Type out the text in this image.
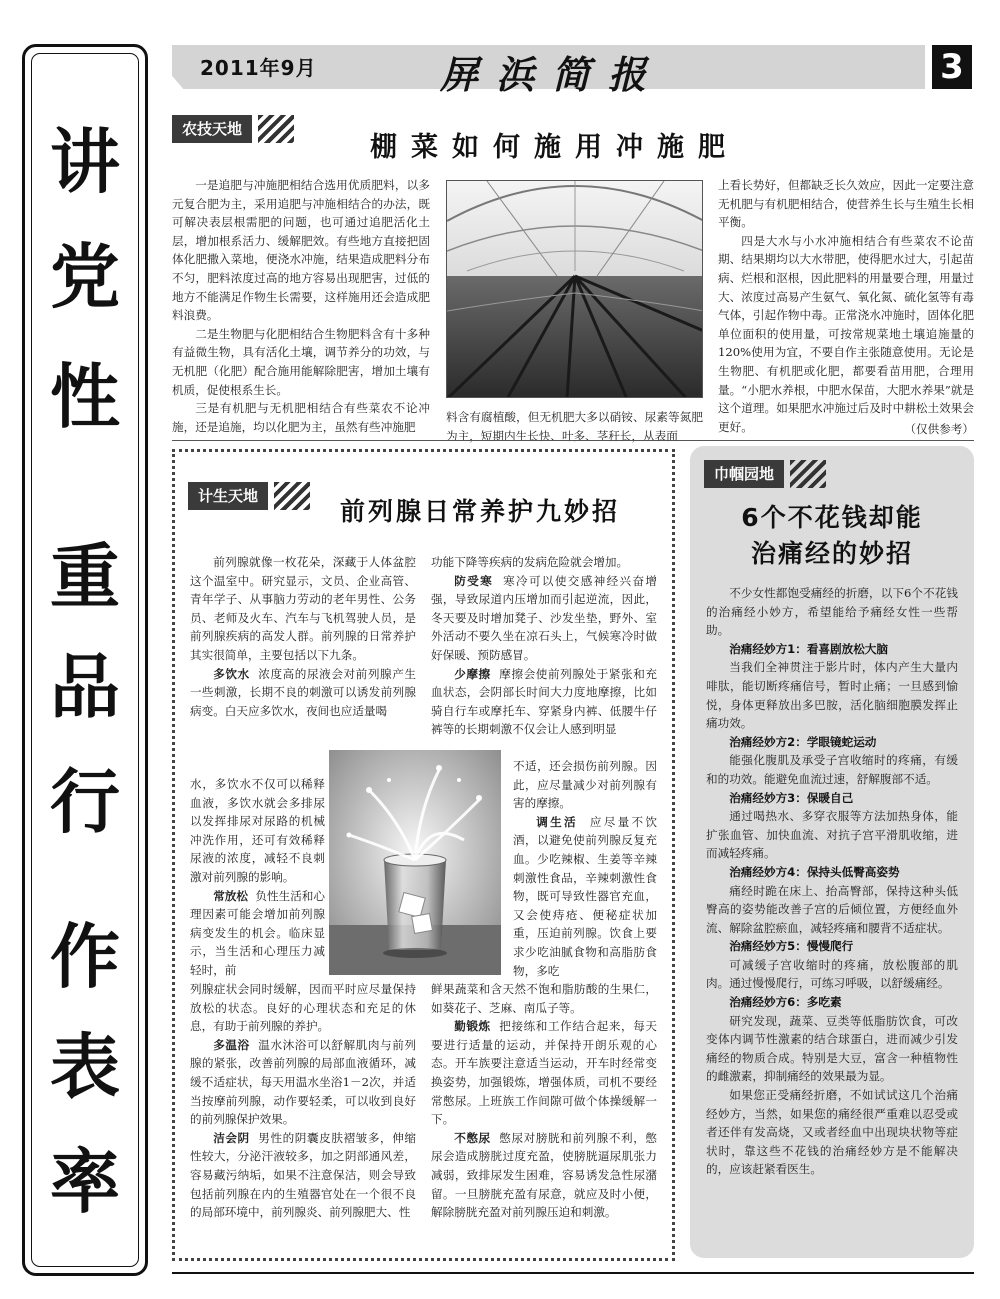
讲
党
性
重
品
行
作
表
率
2011年9月	屏浜简报	3
农技天地
棚菜如何施用冲施肥

一是追肥与冲施肥相结合选用优质肥料，以多元复合肥为主，采用追肥与冲施相结合的办法，既可解决表层根需肥的问题，也可通过追肥活化土层，增加根系活力、缓解肥效。有些地方直接把固体化肥撒入菜地，便浇水冲施，结果造成肥料分布不匀，肥料浓度过高的地方容易出现肥害，过低的地方不能满足作物生长需要，这样施用还会造成肥料浪费。

二是生物肥与化肥相结合生物肥料含有十多种有益微生物，具有活化土壤，调节养分的功效，与无机肥（化肥）配合施用能解除肥害，增加土壤有机质，促使根系生长。

三是有机肥与无机肥相结合有些菜农不论冲施，还是追施，均以化肥为主，虽然有些冲施肥

料含有腐植酸，但无机肥大多以硝铵、尿素等氮肥为主，短期内生长快、叶多、茎秆长，从表面

上看长势好，但都缺乏长久效应，因此一定要注意无机肥与有机肥相结合，使营养生长与生殖生长相平衡。

四是大水与小水冲施相结合有些菜农不论苗期、结果期均以大水带肥，使得肥水过大，引起苗病、烂根和沤根，因此肥料的用量要合理，用量过大、浓度过高易产生氨气、氧化氮、硫化氢等有毒气体，引起作物中毒。正常浇水冲施时，固体化肥单位面积的使用量，可按常规菜地土壤追施量的120%使用为宜，不要自作主张随意使用。无论是生物肥、有机肥或化肥，都要看苗用肥，合理用量。“小肥水养根，中肥水保苗，大肥水养果”就是这个道理。如果肥水冲施过后及时中耕松土效果会更好。	（仅供参考）
计生天地
前列腺日常养护九妙招

前列腺就像一枚花朵，深藏于人体盆腔这个温室中。研究显示，文员、企业高管、青年学子、从事脑力劳动的老年男性、公务员、老师及火车、汽车与飞机驾驶人员，是前列腺疾病的高发人群。前列腺的日常养护其实很简单，主要包括以下九条。

多饮水 浓度高的尿液会对前列腺产生一些刺激，长期不良的刺激可以诱发前列腺病变。白天应多饮水，夜间也应适量喝

水，多饮水不仅可以稀释血液，多饮水就会多排尿以发挥排尿对尿路的机械冲洗作用，还可有效稀释尿液的浓度，减轻不良刺激对前列腺的影响。

常放松 负性生活和心理因素可能会增加前列腺病变发生的机会。临床显示，当生活和心理压力减轻时，前

列腺症状会同时缓解，因而平时应尽量保持放松的状态。良好的心理状态和充足的休息，有助于前列腺的养护。

多温浴 温水沐浴可以舒解肌肉与前列腺的紧张，改善前列腺的局部血液循环，减缓不适症状，每天用温水坐浴1－2次，并适当按摩前列腺，动作要轻柔，可以收到良好的前列腺保护效果。

洁会阴 男性的阴囊皮肤褶皱多，伸缩性较大，分泌汗液较多，加之阴部通风差，容易藏污纳垢，如果不注意保洁，则会导致包括前列腺在内的生殖器官处在一个很不良的局部环境中，前列腺炎、前列腺肥大、性

功能下降等疾病的发病危险就会增加。

防受寒 寒冷可以使交感神经兴奋增强，导致尿道内压增加而引起逆流，因此，冬天要及时增加凳子、沙发坐垫，野外、室外活动不要久坐在凉石头上，气候寒冷时做好保暖、预防感冒。

少摩擦 摩擦会使前列腺处于紧张和充血状态，会阴部长时间大力度地摩擦，比如骑自行车或摩托车、穿紧身内裤、低腰牛仔裤等的长期刺激不仅会让人感到明显

不适，还会损伤前列腺。因此，应尽量减少对前列腺有害的摩擦。

调生活 应尽量不饮酒，以避免使前列腺反复充血。少吃辣椒、生姜等辛辣刺激性食品，辛辣刺激性食物，既可导致性器官充血，又会使痔疮、便秘症状加重，压迫前列腺。饮食上要求少吃油腻食物和高脂肪食物，多吃

鲜果蔬菜和含天然不饱和脂肪酸的生果仁，如葵花子、芝麻、南瓜子等。

勤锻炼 把接练和工作结合起来，每天要进行适量的运动，并保持开朗乐观的心态。开车族要注意适当运动，开车时经常变换姿势，加强锻炼，增强体质，司机不要经常憋尿。上班族工作间隙可做个体操缓解一下。

不憋尿 憋尿对膀胱和前列腺不利，憋尿会造成膀胱过度充盈，使膀胱逼尿肌张力减弱，致排尿发生困难，容易诱发急性尿潴留。一旦膀胱充盈有尿意，就应及时小便，解除膀胱充盈对前列腺压迫和刺激。

巾帼园地
6个不花钱却能
治痛经的妙招

不少女性都饱受痛经的折磨，以下6个不花钱的治痛经小妙方，希望能给予痛经女性一些帮助。

治痛经妙方1：看喜剧放松大脑

当我们全神贯注于影片时，体内产生大量内啡肽，能切断疼痛信号，暂时止痛；一旦感到愉悦，身体更释放出多巴胺，活化脑细胞膜发挥止痛功效。

治痛经妙方2：学眼镜蛇运动

能强化腹肌及承受子宫收缩时的疼痛，有缓和的功效。能避免血流过速，舒解腹部不适。

治痛经妙方3：保暖自己

通过喝热水、多穿衣服等方法加热身体，能扩张血管、加快血流、对抗子宫平滑肌收缩，进而减轻疼痛。

治痛经妙方4：保持头低臀高姿势

痛经时跪在床上、抬高臀部，保持这种头低臀高的姿势能改善子宫的后倾位置，方便经血外流、解除盆腔瘀血，减轻疼痛和腰背不适症状。

治痛经妙方5：慢慢爬行

可减缓子宫收缩时的疼痛，放松腹部的肌肉。通过慢慢爬行，可练习呼吸，以舒缓痛经。

治痛经妙方6：多吃素

研究发现，蔬菜、豆类等低脂肪饮食，可改变体内调节性激素的结合球蛋白，进而减少引发痛经的物质合成。特别是大豆，富含一种植物性的雌激素，抑制痛经的效果最为显。

如果您正受痛经折磨，不如试试这几个治痛经妙方，当然，如果您的痛经很严重难以忍受或者还伴有发高烧，又或者经血中出现块状物等症状时，靠这些不花钱的治痛经妙方是不能解决的，应该赶紧看医生。
